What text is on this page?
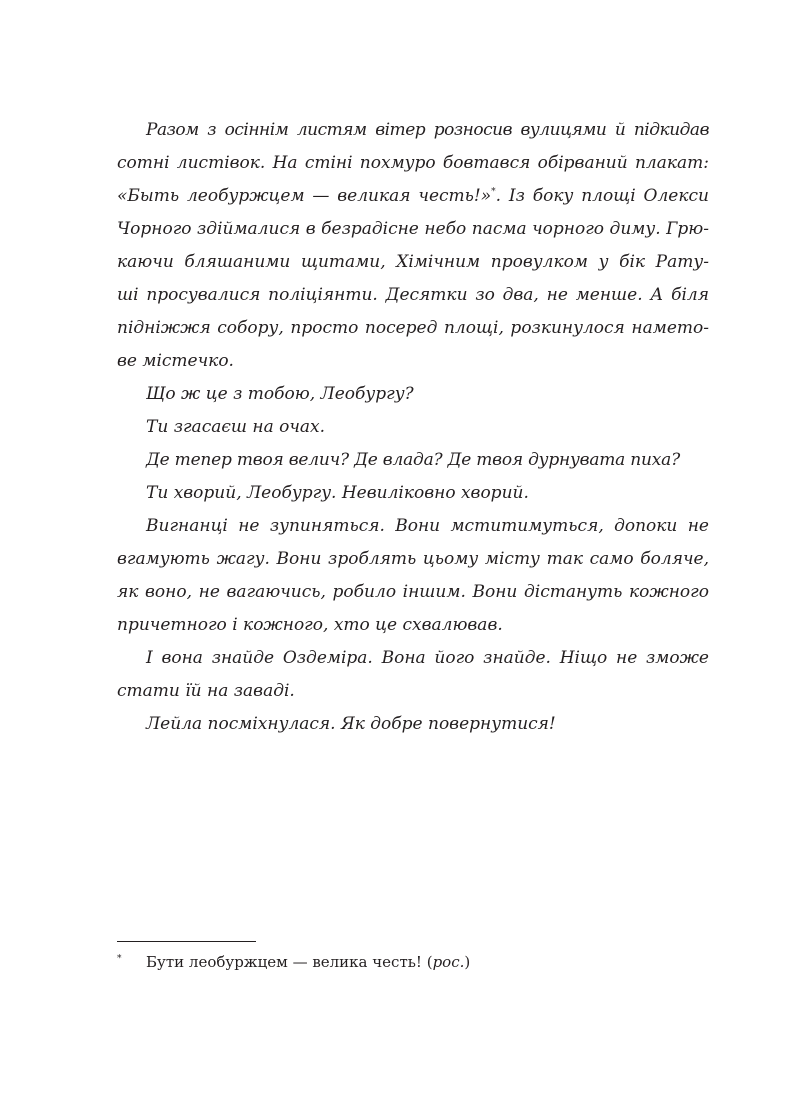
Разом з осіннім листям вітер розносив вулицями й підкидав
сотні листівок. На стіні похмуро бовтався обірваний плакат:
«Быть леобуржцем — великая честь!»*. Із боку площі Олекси
Чорного здіймалися в безрадісне небо пасма чорного диму. Грю-
каючи бляшаними щитами, Хімічним провулком у бік Рату-
ші просувалися поліціянти. Десятки зо два, не менше. А біля
підніжжя собору, просто посеред площі, розкинулося намето-
ве містечко.

Що ж це з тобою, Леобургу?

Ти згасаєш на очах.

Де тепер твоя велич? Де влада? Де твоя дурнувата пиха?

Ти хворий, Леобургу. Невиліковно хворий.

Вигнанці не зупиняться. Вони мститимуться, допоки не
вгамують жагу. Вони зроблять цьому місту так само боляче,
як воно, не вагаючись, робило іншим. Вони дістануть кожного
причетного і кожного, хто це схвалював.

І вона знайде Оздеміра. Вона його знайде. Ніщо не зможе
стати їй на заваді.

Лейла посміхнулася. Як добре повернутися!

* Бути леобуржцем — велика честь! (рос.)
